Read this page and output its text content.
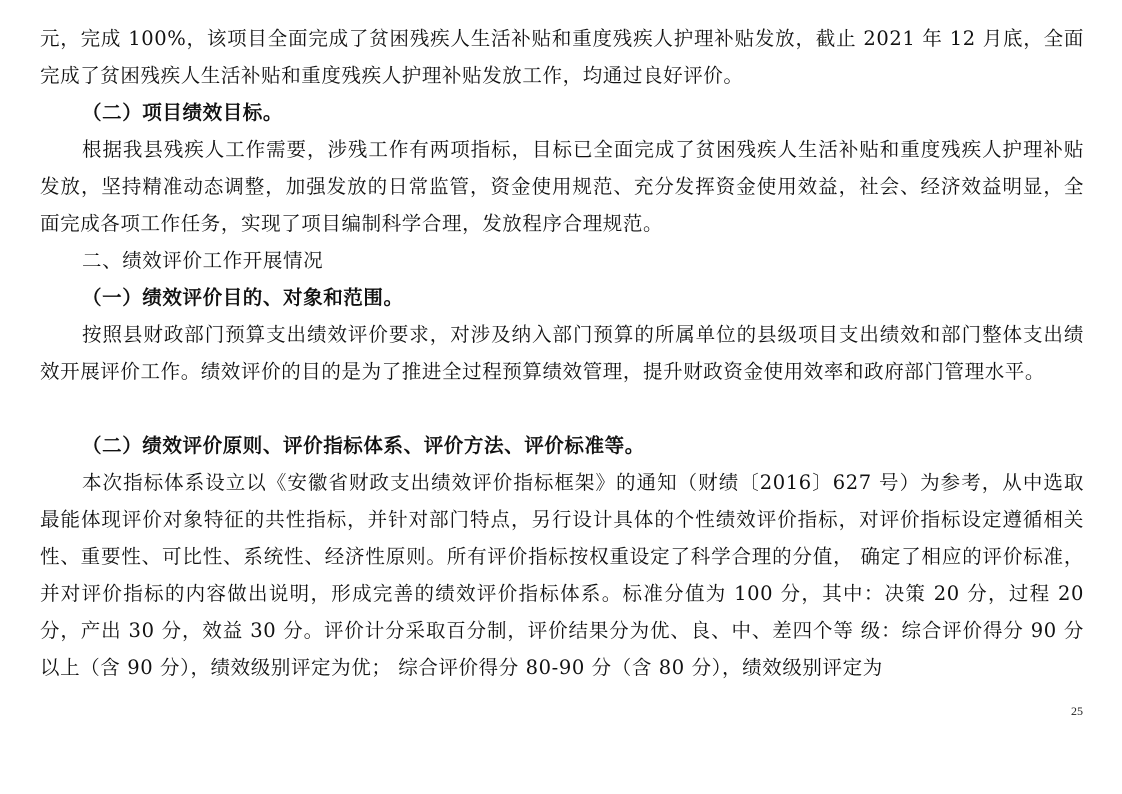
元，完成 100%，该项目全面完成了贫困残疾人生活补贴和重度残疾人护理补贴发放，截止 2021 年 12 月底，全面完成了贫困残疾人生活补贴和重度残疾人护理补贴发放工作，均通过良好评价。
（二）项目绩效目标。
根据我县残疾人工作需要，涉残工作有两项指标，目标已全面完成了贫困残疾人生活补贴和重度残疾人护理补贴发放，坚持精准动态调整，加强发放的日常监管，资金使用规范、充分发挥资金使用效益，社会、经济效益明显，全面完成各项工作任务，实现了项目编制科学合理，发放程序合理规范。
二、绩效评价工作开展情况
（一）绩效评价目的、对象和范围。
按照县财政部门预算支出绩效评价要求，对涉及纳入部门预算的所属单位的县级项目支出绩效和部门整体支出绩效开展评价工作。绩效评价的目的是为了推进全过程预算绩效管理，提升财政资金使用效率和政府部门管理水平。
（二）绩效评价原则、评价指标体系、评价方法、评价标准等。
本次指标体系设立以《安徽省财政支出绩效评价指标框架》的通知（财绩〔2016〕627 号）为参考，从中选取最能体现评价对象特征的共性指标，并针对部门特点，另行设计具体的个性绩效评价指标，对评价指标设定遵循相关性、重要性、可比性、系统性、经济性原则。所有评价指标按权重设定了科学合理的分值， 确定了相应的评价标准，并对评价指标的内容做出说明，形成完善的绩效评价指标体系。标准分值为 100 分，其中：决策 20 分，过程 20 分，产出 30 分，效益 30 分。评价计分采取百分制，评价结果分为优、良、中、差四个等 级：综合评价得分 90 分以上（含 90 分），绩效级别评定为优； 综合评价得分 80-90 分（含 80 分），绩效级别评定为
25
